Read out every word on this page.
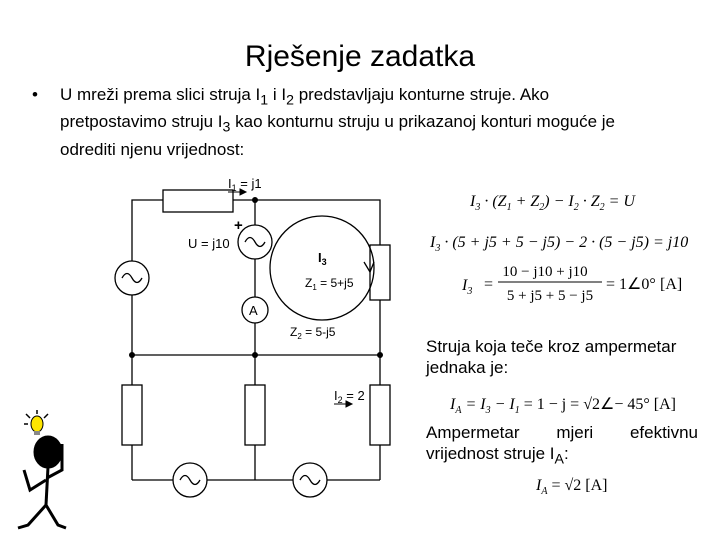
Rješenje zadatka
• U mreži prema slici struja $I_1$ i $I_2$ predstavljaju konturne struje. Ako
pretpostavimo struju $I_3$ kao konturnu struju u prikazanoj konturi moguće je
odrediti njenu vrijednost:
$I_1 = j1$
+
U = j10
$I_3$
$Z_1 = 5+j5$
A
$Z_2 = 5-j5$
$I_2 = 2$
$I_3 \cdot (Z_1 + Z_2) - I_2 \cdot Z_2 = U$
$I_3 \cdot (5 + j5 + 5 - j5) - 2 \cdot (5 - j5) = j10$
$I_3$ =
10 − j10 + j10
5 + j5 + 5 − j5
= 1∠0° [A]
$I_A = I_3 - I_1 = 1 - j$ = √2∠− 45° [A]
$I_A = √2$ [A]
Struja koja teče kroz ampermetar
jednaka je:
Ampermetar mjeri efektivnu
vrijednost struje $I_A$:
